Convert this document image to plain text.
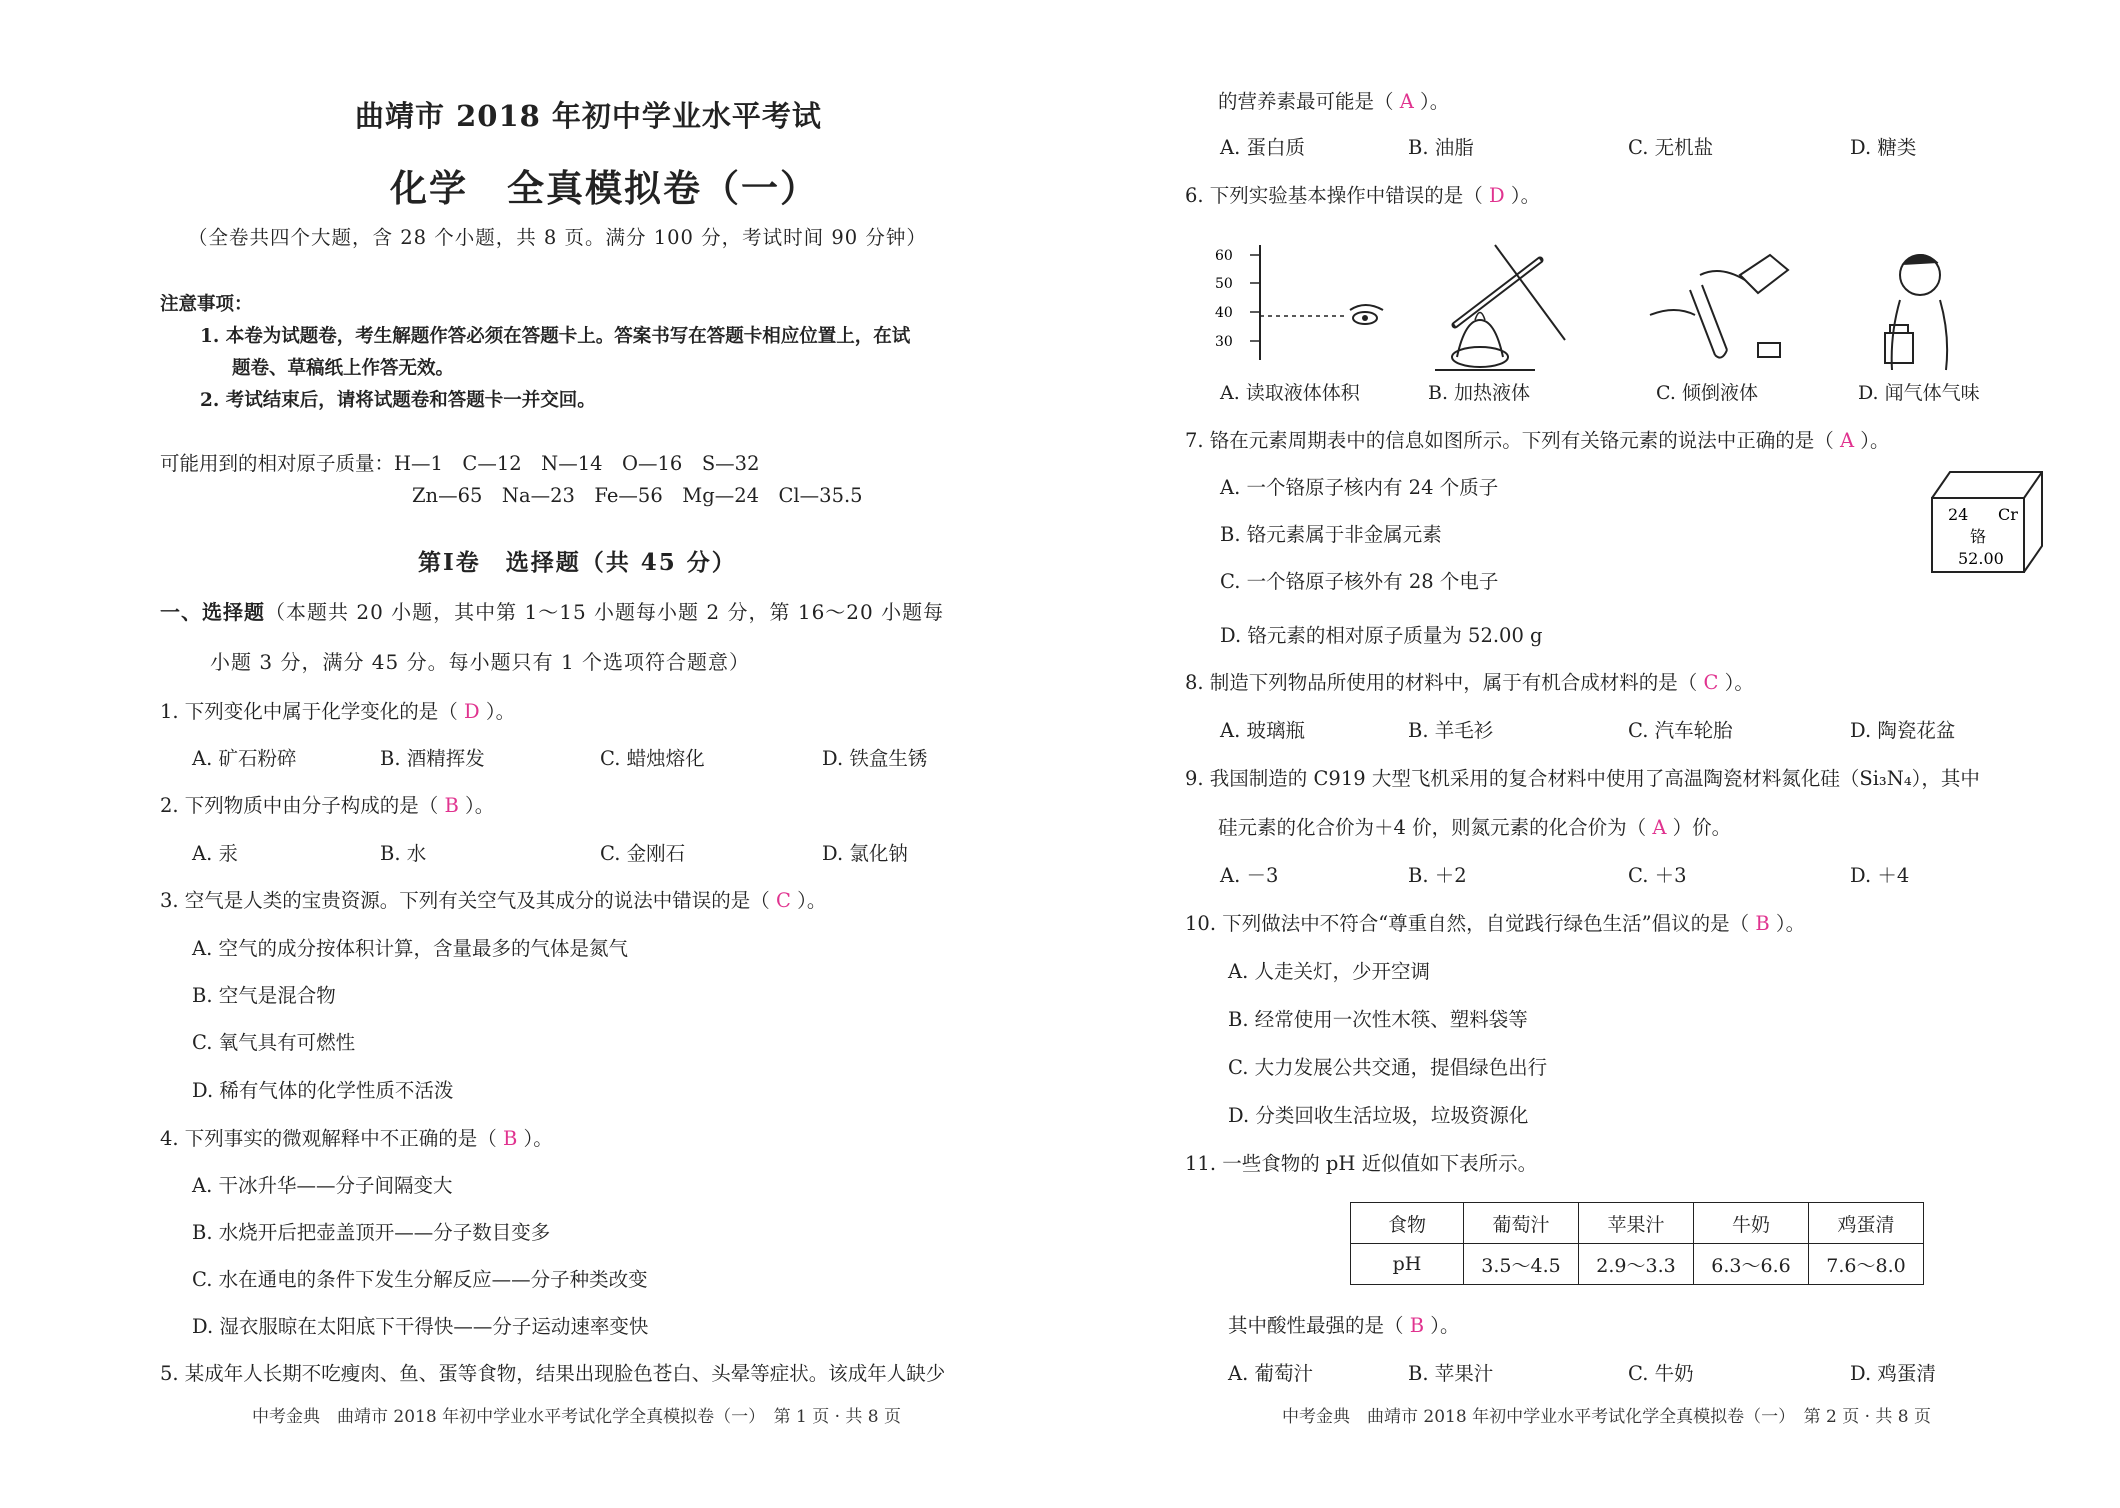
曲靖市 2018 年初中学业水平考试
化学　全真模拟卷（一）
（全卷共四个大题，含 28 个小题，共 8 页。满分 100 分，考试时间 90 分钟）
注意事项：
1. 本卷为试题卷，考生解题作答必须在答题卡上。答案书写在答题卡相应位置上，在试
题卷、草稿纸上作答无效。
2. 考试结束后，请将试题卷和答题卡一并交回。
可能用到的相对原子质量：H—1　C—12　N—14　O—16　S—32
Zn—65　Na—23　Fe—56　Mg—24　Cl—35.5
第Ⅰ卷　选择题（共 45 分）
一、选择题（本题共 20 小题，其中第 1～15 小题每小题 2 分，第 16～20 小题每
小题 3 分，满分 45 分。每小题只有 1 个选项符合题意）
1. 下列变化中属于化学变化的是（ D ）。
A. 矿石粉碎	B. 酒精挥发	C. 蜡烛熔化	D. 铁盒生锈
2. 下列物质中由分子构成的是（ B ）。
A. 汞	B. 水	C. 金刚石	D. 氯化钠
3. 空气是人类的宝贵资源。下列有关空气及其成分的说法中错误的是（ C ）。
A. 空气的成分按体积计算，含量最多的气体是氮气
B. 空气是混合物
C. 氧气具有可燃性
D. 稀有气体的化学性质不活泼
4. 下列事实的微观解释中不正确的是（ B ）。
A. 干冰升华——分子间隔变大
B. 水烧开后把壶盖顶开——分子数目变多
C. 水在通电的条件下发生分解反应——分子种类改变
D. 湿衣服晾在太阳底下干得快——分子运动速率变快
5. 某成年人长期不吃瘦肉、鱼、蛋等食物，结果出现脸色苍白、头晕等症状。该成年人缺少
中考金典　曲靖市 2018 年初中学业水平考试化学全真模拟卷（一）　第 1 页 · 共 8 页
的营养素最可能是（ A ）。
A. 蛋白质	B. 油脂	C. 无机盐	D. 糖类
6. 下列实验基本操作中错误的是（ D ）。
60
50
40
30
A. 读取液体体积	B. 加热液体	C. 倾倒液体	D. 闻气体气味
7. 铬在元素周期表中的信息如图所示。下列有关铬元素的说法中正确的是（ A ）。
A. 一个铬原子核内有 24 个质子
B. 铬元素属于非金属元素
C. 一个铬原子核外有 28 个电子
D. 铬元素的相对原子质量为 52.00 g
24 Cr
铬
52.00
8. 制造下列物品所使用的材料中，属于有机合成材料的是（ C ）。
A. 玻璃瓶	B. 羊毛衫	C. 汽车轮胎	D. 陶瓷花盆
9. 我国制造的 C919 大型飞机采用的复合材料中使用了高温陶瓷材料氮化硅（Si₃N₄），其中
硅元素的化合价为＋4 价，则氮元素的化合价为（ A ）价。
A. －3	B. ＋2	C. ＋3	D. ＋4
10. 下列做法中不符合“尊重自然，自觉践行绿色生活”倡议的是（ B ）。
A. 人走关灯，少开空调
B. 经常使用一次性木筷、塑料袋等
C. 大力发展公共交通，提倡绿色出行
D. 分类回收生活垃圾，垃圾资源化
11. 一些食物的 pH 近似值如下表所示。
食物	葡萄汁	苹果汁	牛奶	鸡蛋清
pH	3.5～4.5	2.9～3.3	6.3～6.6	7.6～8.0
其中酸性最强的是（ B ）。
A. 葡萄汁	B. 苹果汁	C. 牛奶	D. 鸡蛋清
中考金典　曲靖市 2018 年初中学业水平考试化学全真模拟卷（一）　第 2 页 · 共 8 页
